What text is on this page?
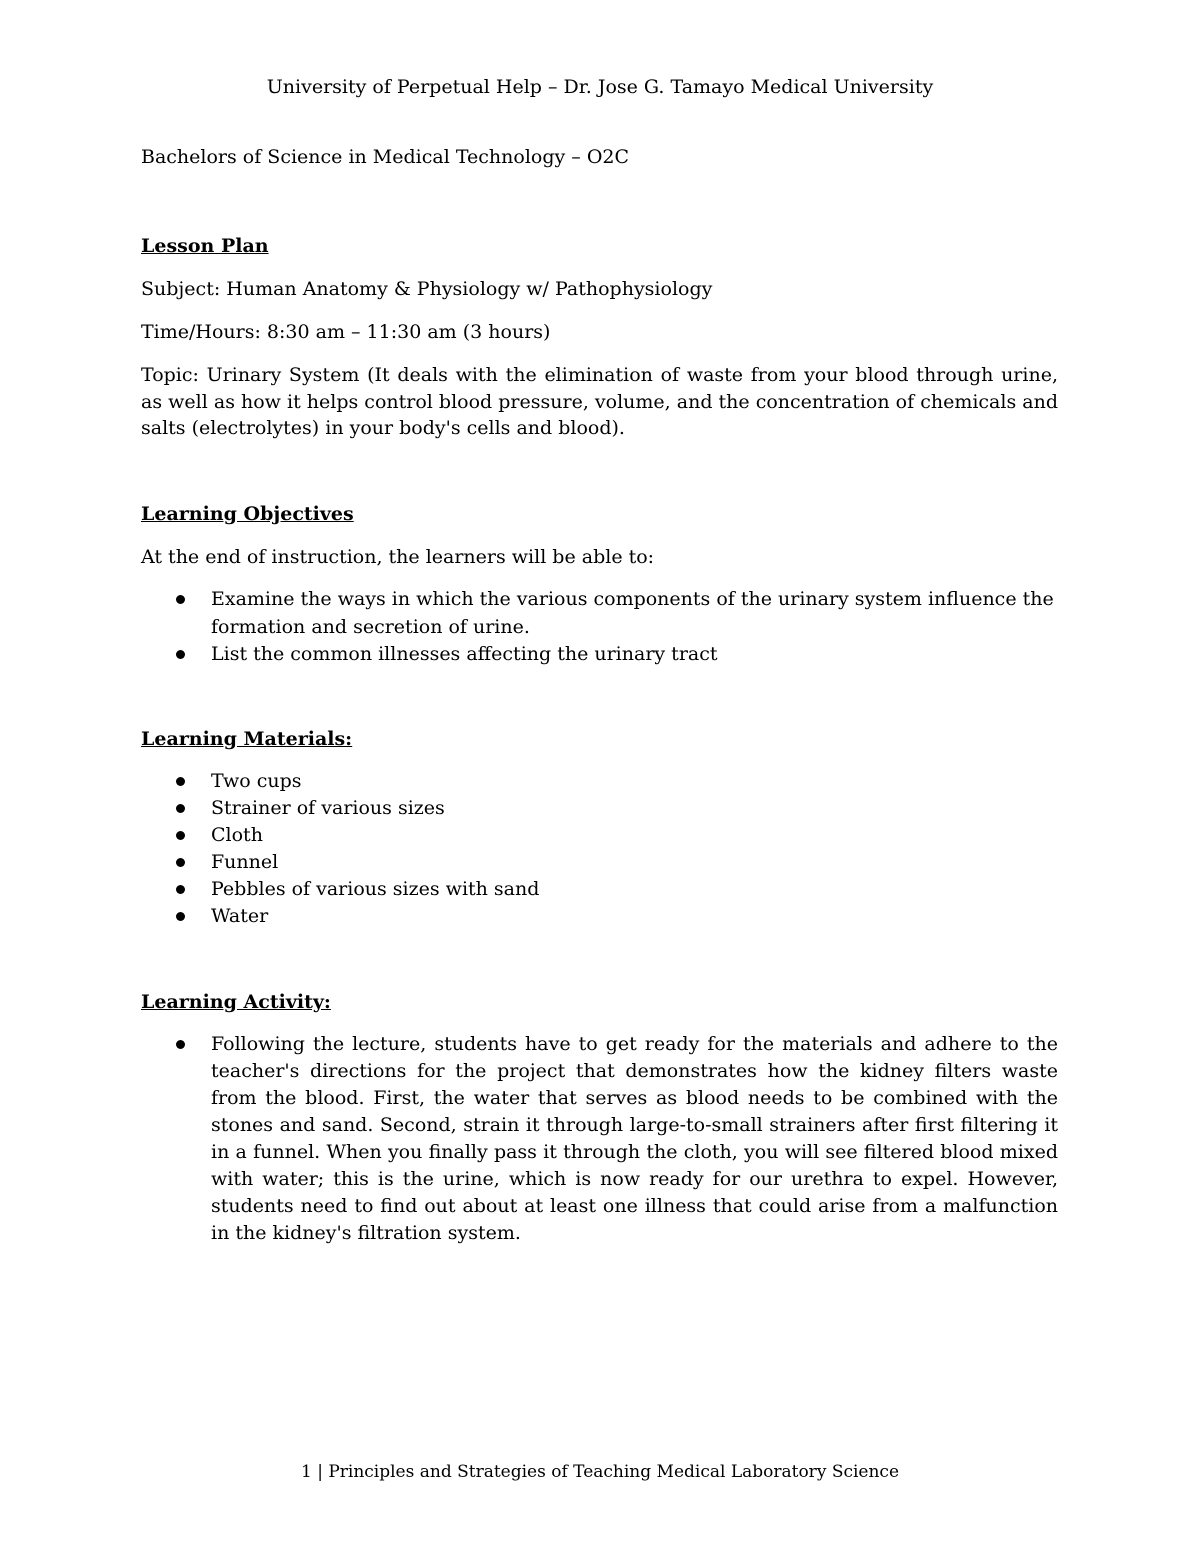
University of Perpetual Help – Dr. Jose G. Tamayo Medical University
Bachelors of Science in Medical Technology – O2C
Lesson Plan
Subject: Human Anatomy & Physiology w/ Pathophysiology
Time/Hours: 8:30 am – 11:30 am (3 hours)
Topic: Urinary System (It deals with the elimination of waste from your blood through urine, as well as how it helps control blood pressure, volume, and the concentration of chemicals and salts (electrolytes) in your body's cells and blood).
Learning Objectives
At the end of instruction, the learners will be able to:
Examine the ways in which the various components of the urinary system influence the formation and secretion of urine.
List the common illnesses affecting the urinary tract
Learning Materials:
Two cups
Strainer of various sizes
Cloth
Funnel
Pebbles of various sizes with sand
Water
Learning Activity:
Following the lecture, students have to get ready for the materials and adhere to the teacher's directions for the project that demonstrates how the kidney filters waste from the blood. First, the water that serves as blood needs to be combined with the stones and sand. Second, strain it through large-to-small strainers after first filtering it in a funnel. When you finally pass it through the cloth, you will see filtered blood mixed with water; this is the urine, which is now ready for our urethra to expel. However, students need to find out about at least one illness that could arise from a malfunction in the kidney's filtration system.
1 | Principles and Strategies of Teaching Medical Laboratory Science
